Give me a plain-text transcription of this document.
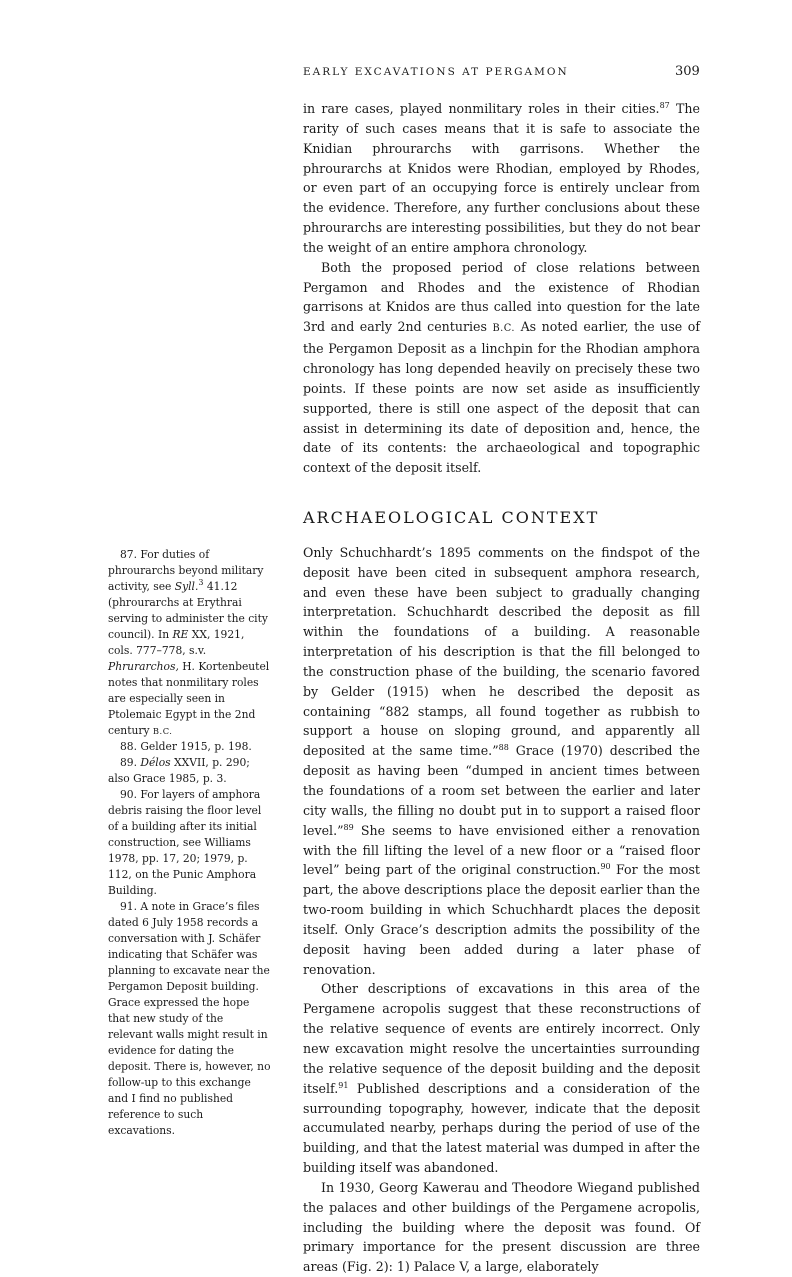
EARLY EXCAVATIONS AT PERGAMON	309

in rare cases, played nonmilitary roles in their cities.$^{87}$ The rarity of such cases means that it is safe to associate the Knidian phrourarchs with garrisons. Whether the phrourarchs at Knidos were Rhodian, employed by Rhodes, or even part of an occupying force is entirely unclear from the evidence. Therefore, any further conclusions about these phrourarchs are interesting possibilities, but they do not bear the weight of an entire amphora chronology.

Both the proposed period of close relations between Pergamon and Rhodes and the existence of Rhodian garrisons at Knidos are thus called into question for the late 3rd and early 2nd centuries B.C. As noted earlier, the use of the Pergamon Deposit as a linchpin for the Rhodian amphora chronology has long depended heavily on precisely these two points. If these points are now set aside as insufficiently supported, there is still one aspect of the deposit that can assist in determining its date of deposition and, hence, the date of its contents: the archaeological and topographic context of the deposit itself.

ARCHAEOLOGICAL CONTEXT

Only Schuchhardt’s 1895 comments on the findspot of the deposit have been cited in subsequent amphora research, and even these have been subject to gradually changing interpretation. Schuchhardt described the deposit as fill within the foundations of a building. A reasonable interpretation of his description is that the fill belonged to the construction phase of the building, the scenario favored by Gelder (1915) when he described the deposit as containing “882 stamps, all found together as rubbish to support a house on sloping ground, and apparently all deposited at the same time.”$^{88}$ Grace (1970) described the deposit as having been “dumped in ancient times between the foundations of a room set between the earlier and later city walls, the filling no doubt put in to support a raised floor level.”$^{89}$ She seems to have envisioned either a renovation with the fill lifting the level of a new floor or a “raised floor level” being part of the original construction.$^{90}$ For the most part, the above descriptions place the deposit earlier than the two-room building in which Schuchhardt places the deposit itself. Only Grace’s description admits the possibility of the deposit having been added during a later phase of renovation.

Other descriptions of excavations in this area of the Pergamene acropolis suggest that these reconstructions of the relative sequence of events are entirely incorrect. Only new excavation might resolve the uncertainties surrounding the relative sequence of the deposit building and the deposit itself.$^{91}$ Published descriptions and a consideration of the surrounding topography, however, indicate that the deposit accumulated nearby, perhaps during the period of use of the building, and that the latest material was dumped in after the building itself was abandoned.

In 1930, Georg Kawerau and Theodore Wiegand published the palaces and other buildings of the Pergamene acropolis, including the building where the deposit was found. Of primary importance for the present discussion are three areas (Fig. 2): 1) Palace V, a large, elaborately

87. For duties of phrourarchs beyond military activity, see Syll.$^3$ 41.12 (phrourarchs at Erythrai serving to administer the city council). In RE XX, 1921, cols. 777–778, s.v. Phrurarchos, H. Kortenbeutel notes that nonmilitary roles are especially seen in Ptolemaic Egypt in the 2nd century B.C.

88. Gelder 1915, p. 198.

89. Délos XXVII, p. 290; also Grace 1985, p. 3.

90. For layers of amphora debris raising the floor level of a building after its initial construction, see Williams 1978, pp. 17, 20; 1979, p. 112, on the Punic Amphora Building.

91. A note in Grace’s files dated 6 July 1958 records a conversation with J. Schäfer indicating that Schäfer was planning to excavate near the Pergamon Deposit building. Grace expressed the hope that new study of the relevant walls might result in evidence for dating the deposit. There is, however, no follow-up to this exchange and I find no published reference to such excavations.
